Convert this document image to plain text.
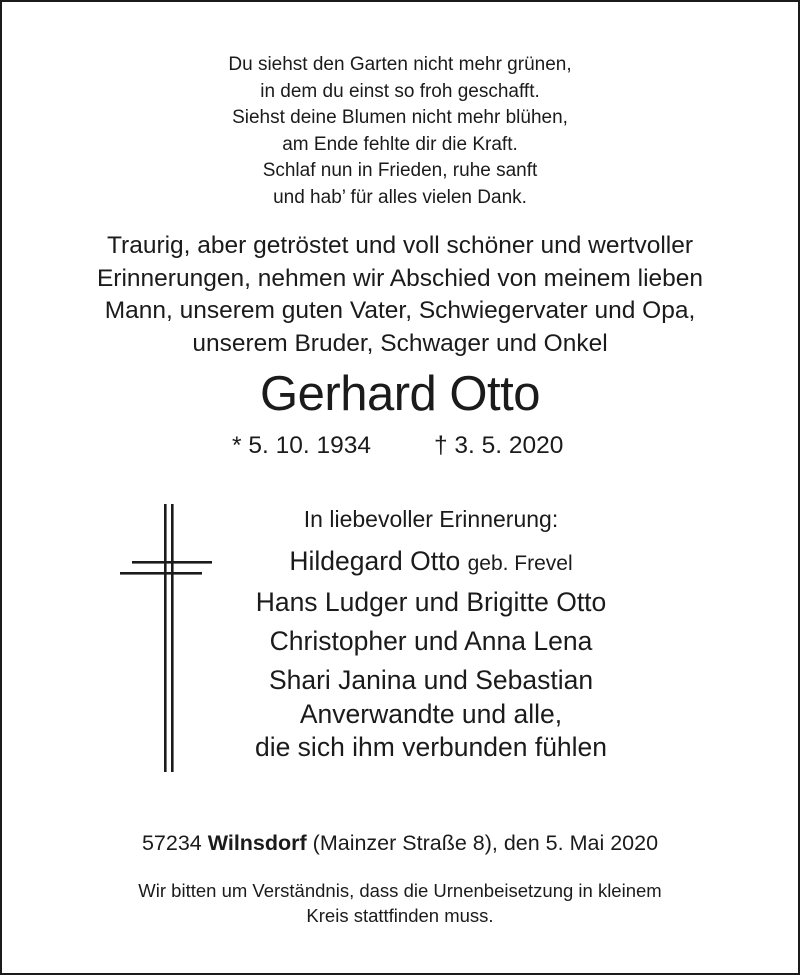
Du siehst den Garten nicht mehr grünen,
in dem du einst so froh geschafft.
Siehst deine Blumen nicht mehr blühen,
am Ende fehlte dir die Kraft.
Schlaf nun in Frieden, ruhe sanft
und hab’ für alles vielen Dank.
Traurig, aber getröstet und voll schöner und wertvoller
Erinnerungen, nehmen wir Abschied von meinem lieben
Mann, unserem guten Vater, Schwiegervater und Opa,
unserem Bruder, Schwager und Onkel
Gerhard Otto
* 5. 10. 1934	† 3. 5. 2020
In liebevoller Erinnerung:
Hildegard Otto geb. Frevel
Hans Ludger und Brigitte Otto
Christopher und Anna Lena
Shari Janina und Sebastian
Anverwandte und alle,
die sich ihm verbunden fühlen
57234 Wilnsdorf (Mainzer Straße 8), den 5. Mai 2020
Wir bitten um Verständnis, dass die Urnenbeisetzung in kleinem
Kreis stattfinden muss.
